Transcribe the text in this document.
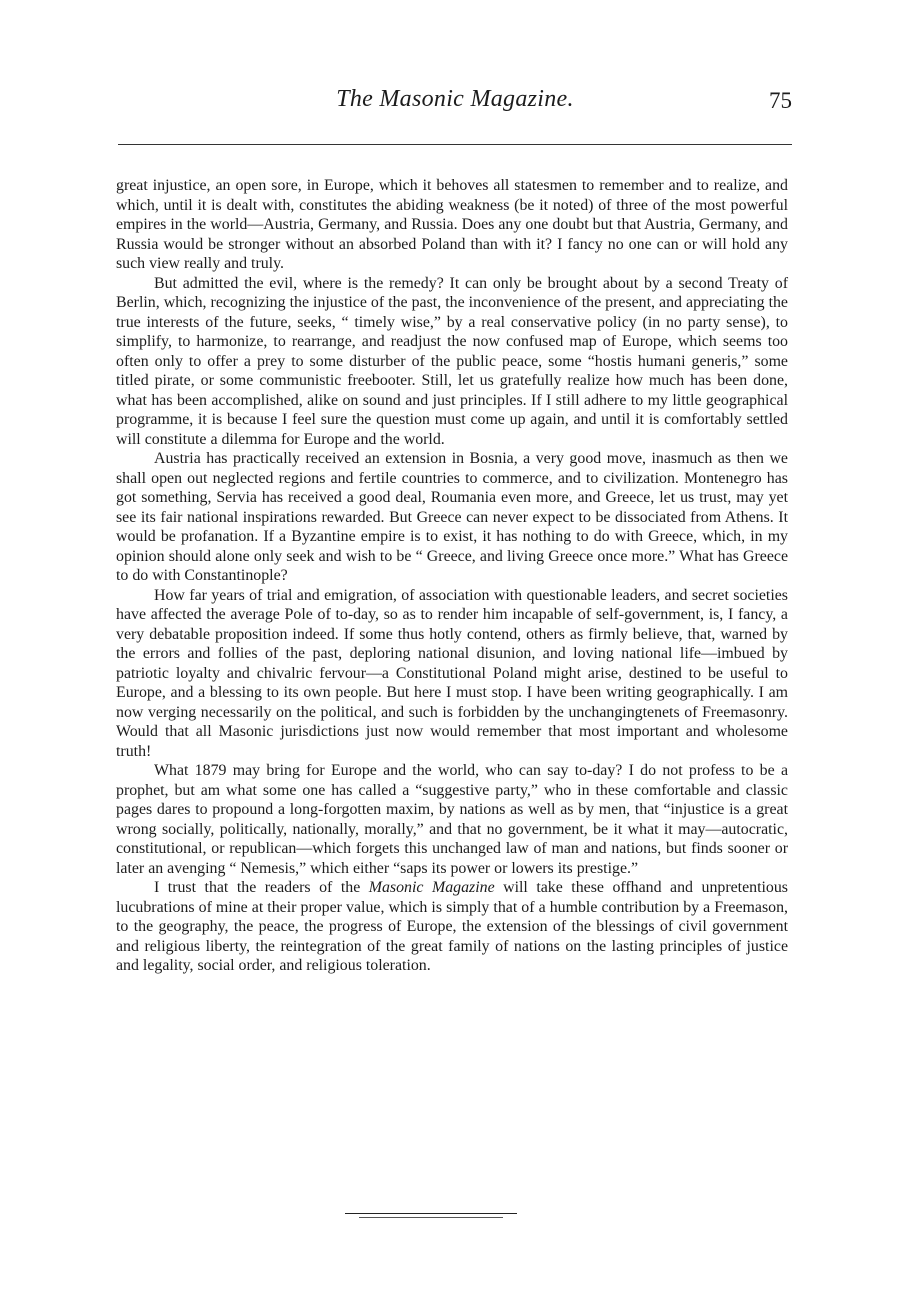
The Masonic Magazine.	75

great injustice, an open sore, in Europe, which it behoves all statesmen to remember and to realize, and which, until it is dealt with, constitutes the abiding weakness (be it noted) of three of the most powerful empires in the world—Austria, Germany, and Russia. Does any one doubt but that Austria, Germany, and Russia would be stronger without an absorbed Poland than with it? I fancy no one can or will hold any such view really and truly.

But admitted the evil, where is the remedy? It can only be brought about by a second Treaty of Berlin, which, recognizing the injustice of the past, the inconvenience of the present, and appreciating the true interests of the future, seeks, “ timely wise,” by a real conservative policy (in no party sense), to simplify, to harmonize, to rearrange, and readjust the now confused map of Europe, which seems too often only to offer a prey to some disturber of the public peace, some “hostis humani generis,” some titled pirate, or some communistic freebooter. Still, let us gratefully realize how much has been done, what has been accomplished, alike on sound and just principles. If I still adhere to my little geographical programme, it is because I feel sure the question must come up again, and until it is comfortably settled will constitute a dilemma for Europe and the world.

Austria has practically received an extension in Bosnia, a very good move, inasmuch as then we shall open out neglected regions and fertile countries to commerce, and to civilization. Montenegro has got something, Servia has received a good deal, Roumania even more, and Greece, let us trust, may yet see its fair national inspirations rewarded. But Greece can never expect to be dissociated from Athens. It would be profanation. If a Byzantine empire is to exist, it has nothing to do with Greece, which, in my opinion should alone only seek and wish to be “ Greece, and living Greece once more.” What has Greece to do with Constantinople?

How far years of trial and emigration, of association with questionable leaders, and secret societies have affected the average Pole of to-day, so as to render him incapable of self-government, is, I fancy, a very debatable proposition indeed. If some thus hotly contend, others as firmly believe, that, warned by the errors and follies of the past, deploring national disunion, and loving national life—imbued by patriotic loyalty and chivalric fervour—a Constitutional Poland might arise, destined to be useful to Europe, and a blessing to its own people. But here I must stop. I have been writing geographically. I am now verging necessarily on the political, and such is forbidden by the unchangingtenets of Freemasonry. Would that all Masonic jurisdictions just now would remember that most important and wholesome truth!

What 1879 may bring for Europe and the world, who can say to-day? I do not profess to be a prophet, but am what some one has called a “suggestive party,” who in these comfortable and classic pages dares to propound a long-forgotten maxim, by nations as well as by men, that “injustice is a great wrong socially, politically, nationally, morally,” and that no government, be it what it may—autocratic, constitutional, or republican—which forgets this unchanged law of man and nations, but finds sooner or later an avenging “ Nemesis,” which either “saps its power or lowers its prestige.”

I trust that the readers of the Masonic Magazine will take these offhand and unpretentious lucubrations of mine at their proper value, which is simply that of a humble contribution by a Freemason, to the geography, the peace, the progress of Europe, the extension of the blessings of civil government and religious liberty, the reintegration of the great family of nations on the lasting principles of justice and legality, social order, and religious toleration.
